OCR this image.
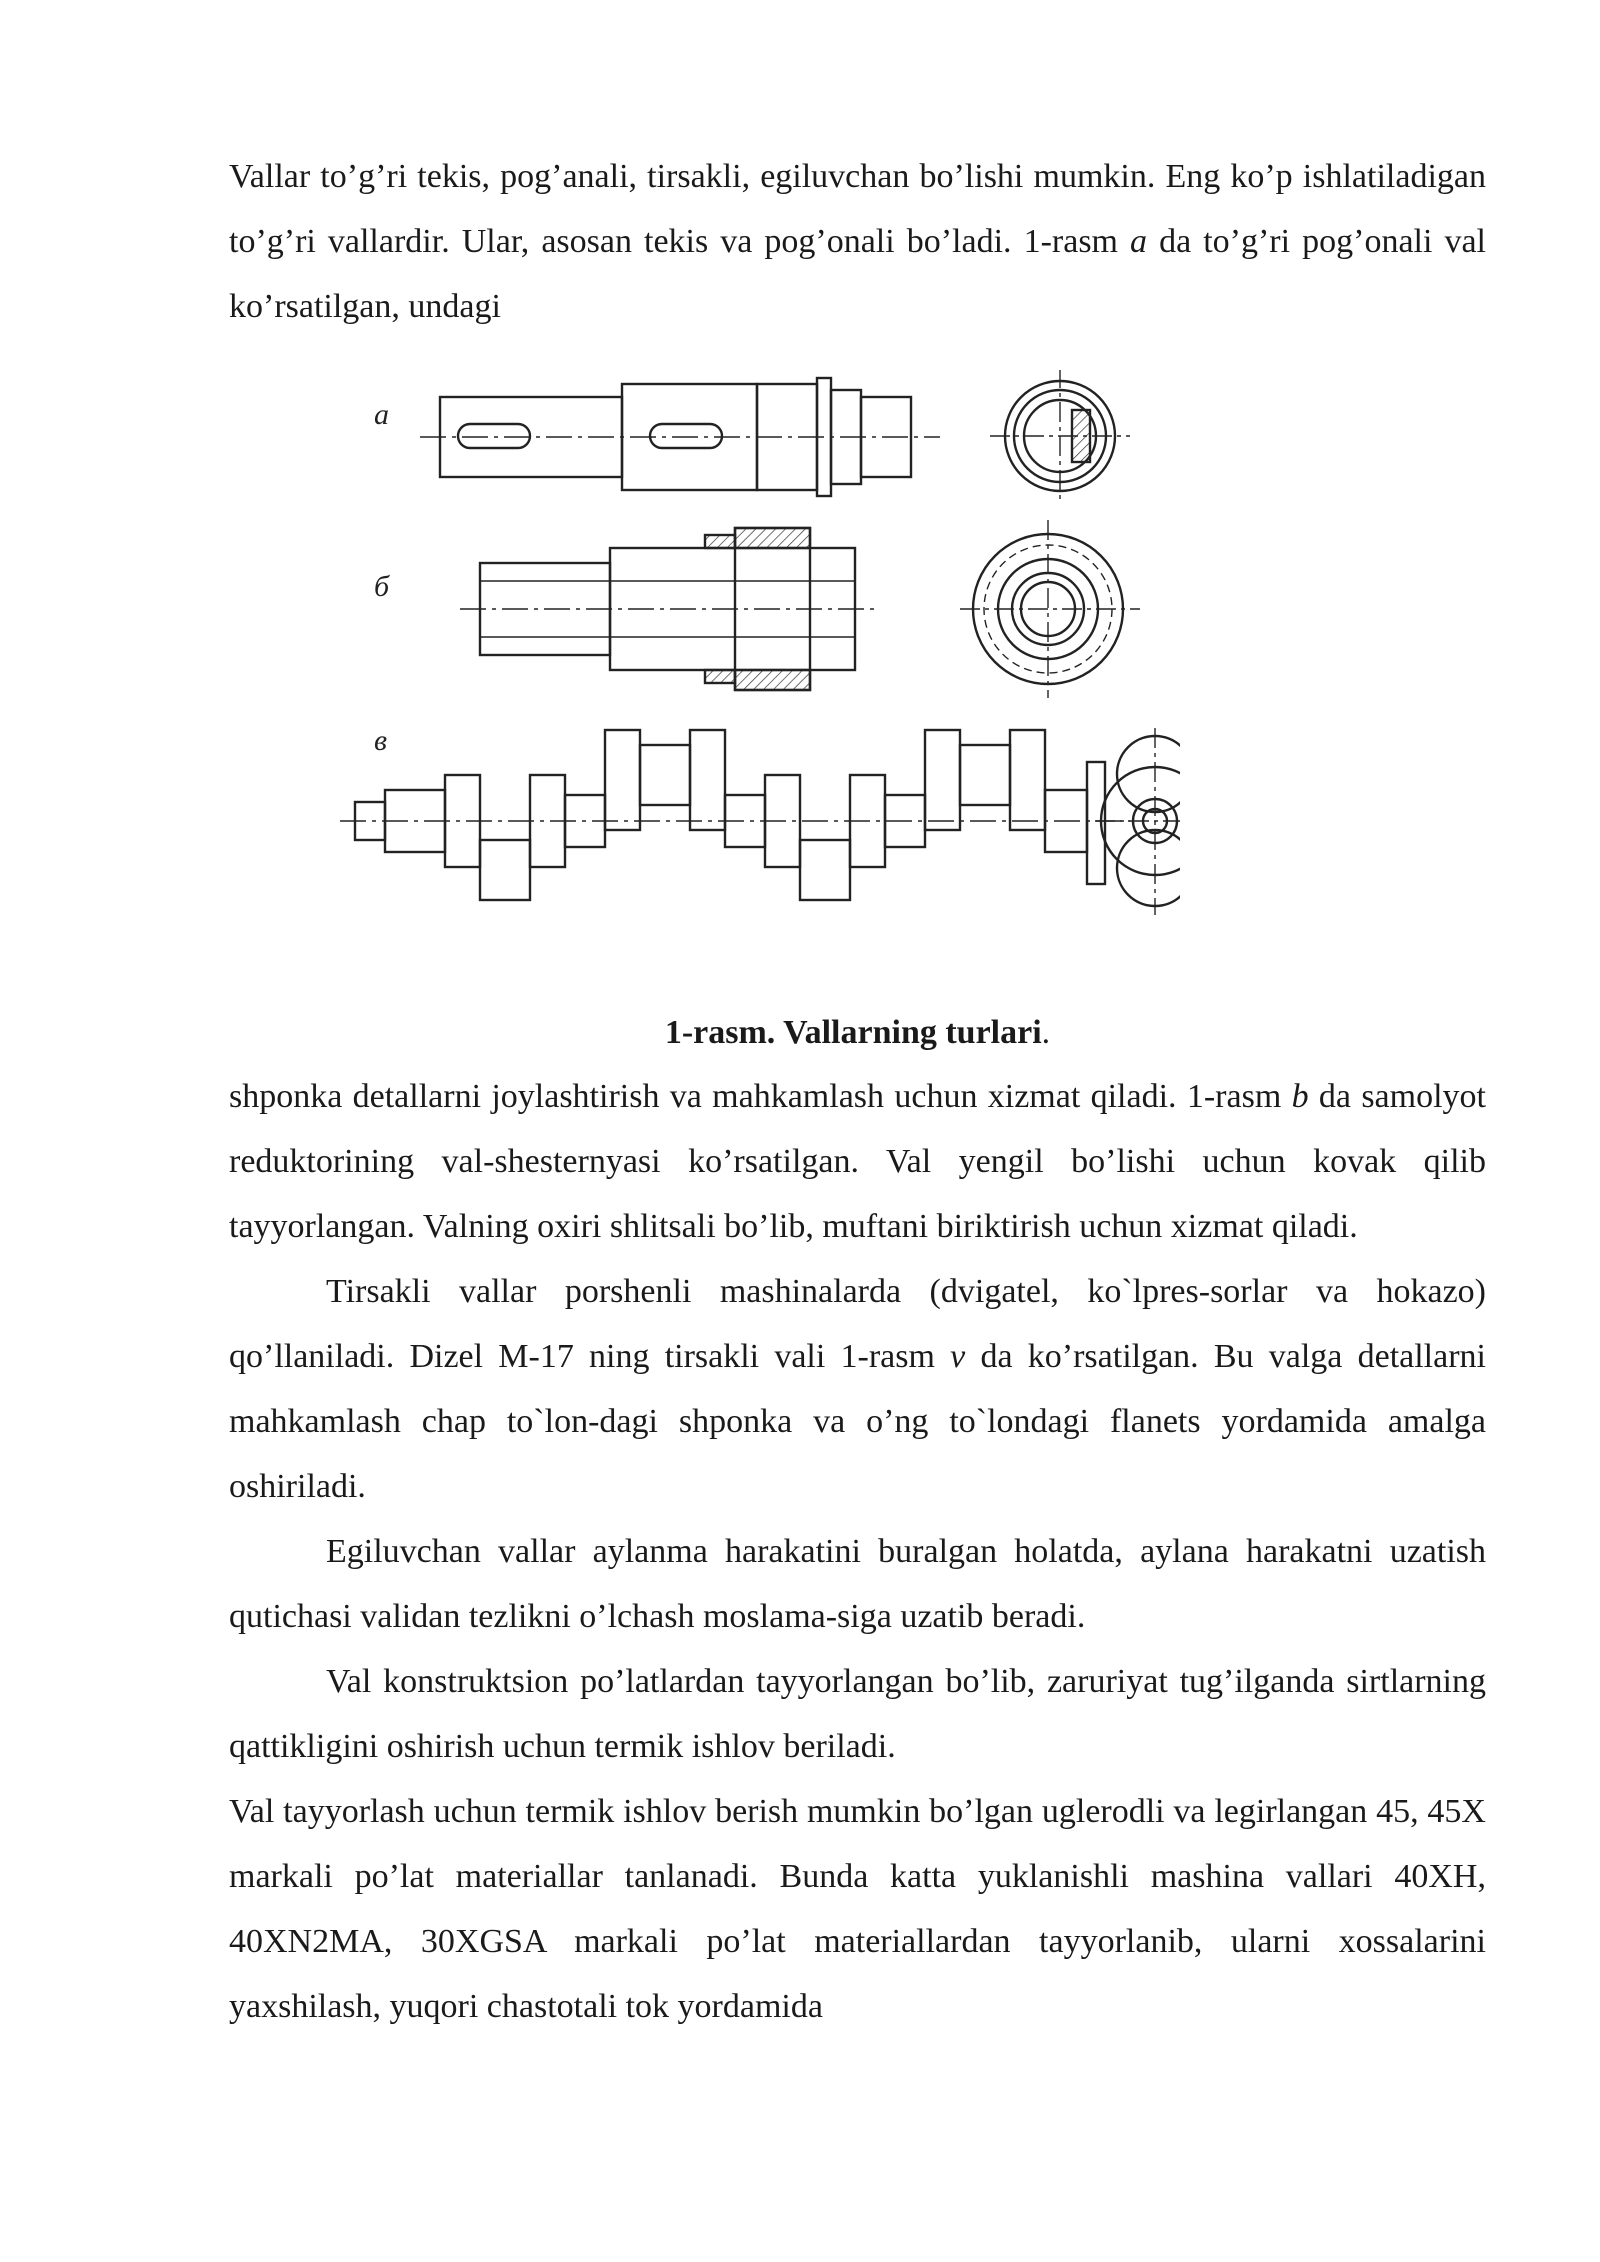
Vallar to’g’ri tekis, pog’anali, tirsakli, egiluvchan bo’lishi mumkin. Eng ko’p ishlatiladigan to’g’ri vallardir. Ular, asosan tekis va pog’onali bo’ladi. 1-rasm a da to’g’ri pog’onali val ko’rsatilgan, undagi

а
б
в
1-rasm. Vallarning turlari.

shponka detallarni joylashtirish va mahkamlash uchun xizmat qiladi. 1-rasm b da samolyot reduktorining val-shesternyasi ko’rsatilgan. Val yengil bo’lishi uchun kovak qilib tayyorlangan. Valning oxiri shlitsali bo’lib, muftani biriktirish uchun xizmat qiladi.

Tirsakli vallar porshenli mashinalarda (dvigatel, ko`lpres-sorlar va hokazo) qo’llaniladi. Dizel M-17 ning tirsakli vali 1-rasm v da ko’rsatilgan. Bu valga detallarni mahkamlash chap to`lon-dagi shponka va o’ng to`londagi flanets yordamida amalga oshiriladi.

Egiluvchan vallar aylanma harakatini buralgan holatda, aylana harakatni uzatish qutichasi validan tezlikni o’lchash moslama-siga uzatib beradi.

Val konstruktsion po’latlardan tayyorlangan bo’lib, zaruriyat tug’ilganda sirtlarning qattikligini oshirish uchun termik ishlov beriladi.

Val tayyorlash uchun termik ishlov berish mumkin bo’lgan uglerodli va legirlangan 45, 45X markali po’lat materiallar tanlanadi. Bunda katta yuklanishli mashina vallari 40XH, 40XN2MA, 30XGSA markali po’lat materiallardan tayyorlanib, ularni xossalarini yaxshilash, yuqori chastotali tok yordamida
